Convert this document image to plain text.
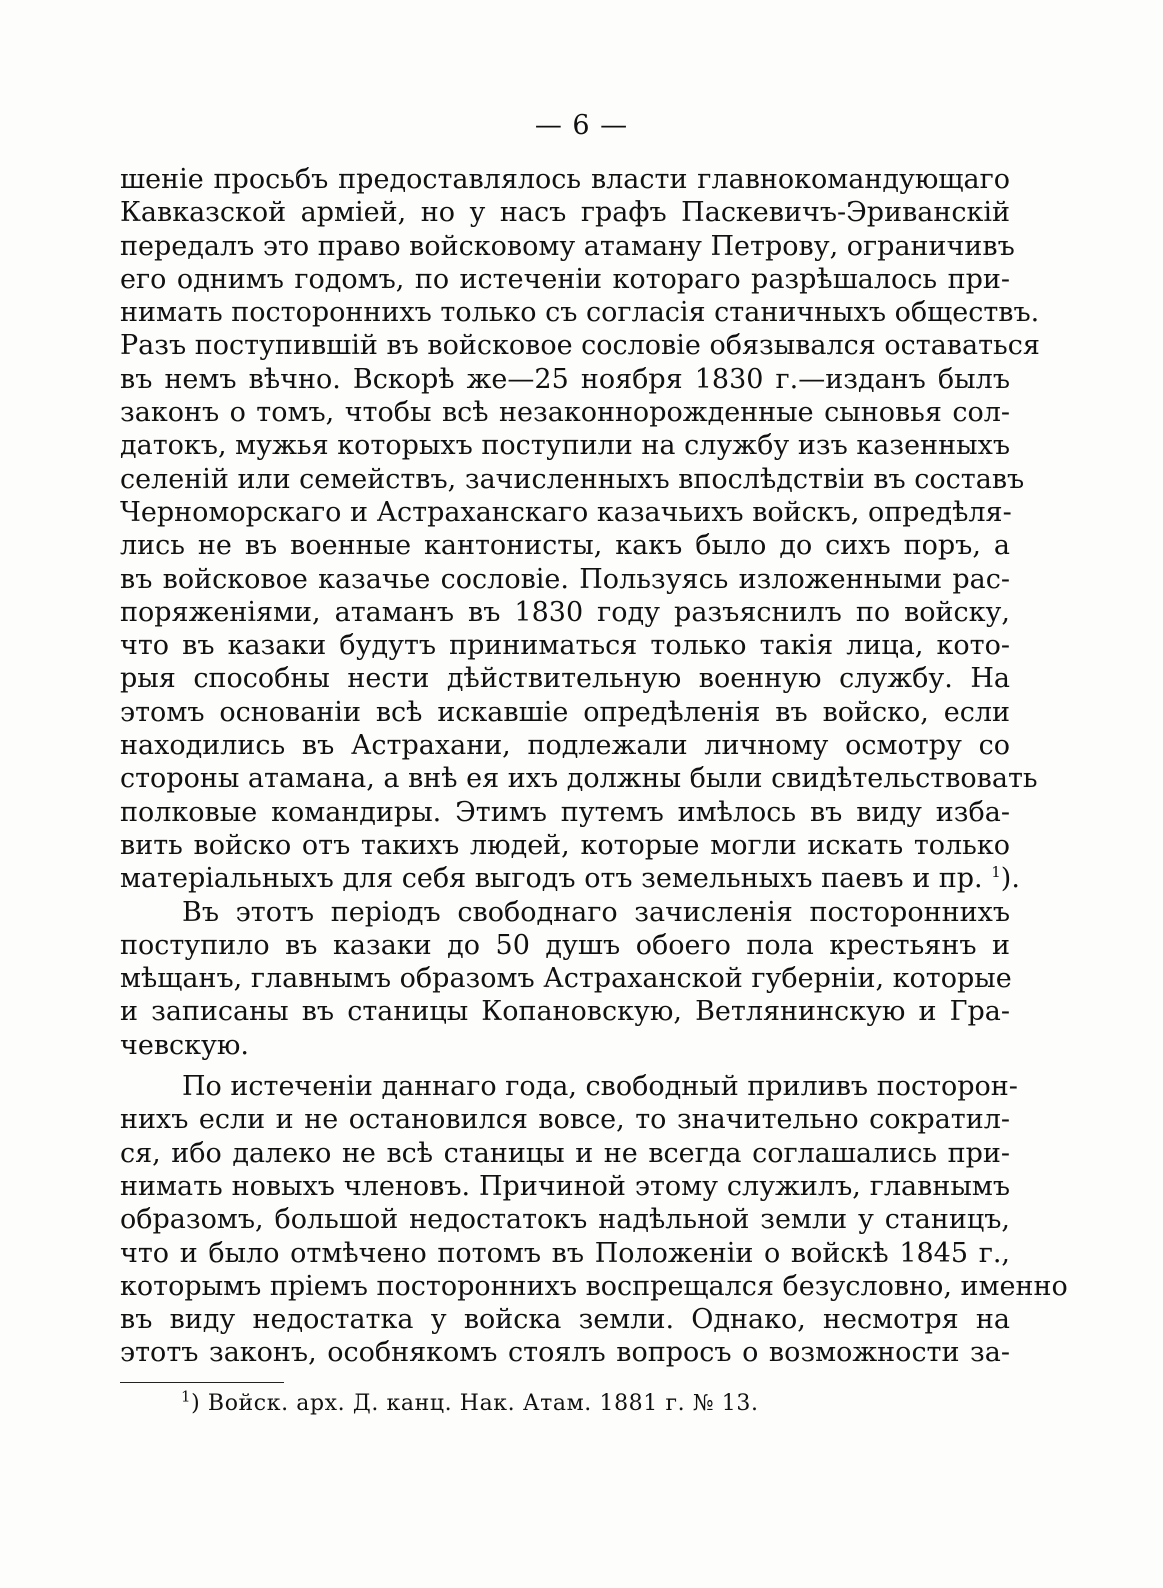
— 6 —
шеніе просьбъ предоставлялось власти главнокомандующаго
Кавказской арміей, но у насъ графъ Паскевичъ-Эриванскій
передалъ это право войсковому атаману Петрову, ограничивъ
его однимъ годомъ, по истеченіи котораго разрѣшалось при-
нимать постороннихъ только съ согласія станичныхъ обществъ.
Разъ поступившій въ войсковое сословіе обязывался оставаться
въ немъ вѣчно. Вскорѣ же—25 ноября 1830 г.—изданъ былъ
законъ о томъ, чтобы всѣ незаконнорожденные сыновья сол-
датокъ, мужья которыхъ поступили на службу изъ казенныхъ
селеній или семействъ, зачисленныхъ впослѣдствіи въ составъ
Черноморскаго и Астраханскаго казачьихъ войскъ, опредѣля-
лись не въ военные кантонисты, какъ было до сихъ поръ, а
въ войсковое казачье сословіе. Пользуясь изложенными рас-
поряженіями, атаманъ въ 1830 году разъяснилъ по войску,
что въ казаки будутъ приниматься только такія лица, кото-
рыя способны нести дѣйствительную военную службу. На
этомъ основаніи всѣ искавшіе опредѣленія въ войско, если
находились въ Астрахани, подлежали личному осмотру со
стороны атамана, а внѣ ея ихъ должны были свидѣтельствовать
полковые командиры. Этимъ путемъ имѣлось въ виду избa-
вить войско отъ такихъ людей, которые могли искать только
матеріальныхъ для себя выгодъ отъ земельныхъ паевъ и пр. $^1$).
Въ этотъ періодъ свободнаго зачисленія постороннихъ
поступило въ казаки до 50 душъ обоего пола крестьянъ и
мѣщанъ, главнымъ образомъ Астраханской губерніи, которые
и записаны въ станицы Копановскую, Ветлянинскую и Гра-
чевскую.
По истеченіи даннаго года, свободный приливъ посторон-
нихъ если и не остановился вовсе, то значительно сократил-
ся, ибо далеко не всѣ станицы и не всегда соглашались при-
нимать новыхъ членовъ. Причиной этому служилъ, главнымъ
образомъ, большой недостатокъ надѣльной земли у станицъ,
что и было отмѣчено потомъ въ Положеніи о войскѣ 1845 г.,
которымъ пріемъ постороннихъ воспрещался безусловно, именно
въ виду недостатка у войска земли. Однако, несмотря на
этотъ законъ, особнякомъ стоялъ вопросъ о возможности за-
$^1$) Войск. арх. Д. канц. Нак. Атам. 1881 г. № 13.
